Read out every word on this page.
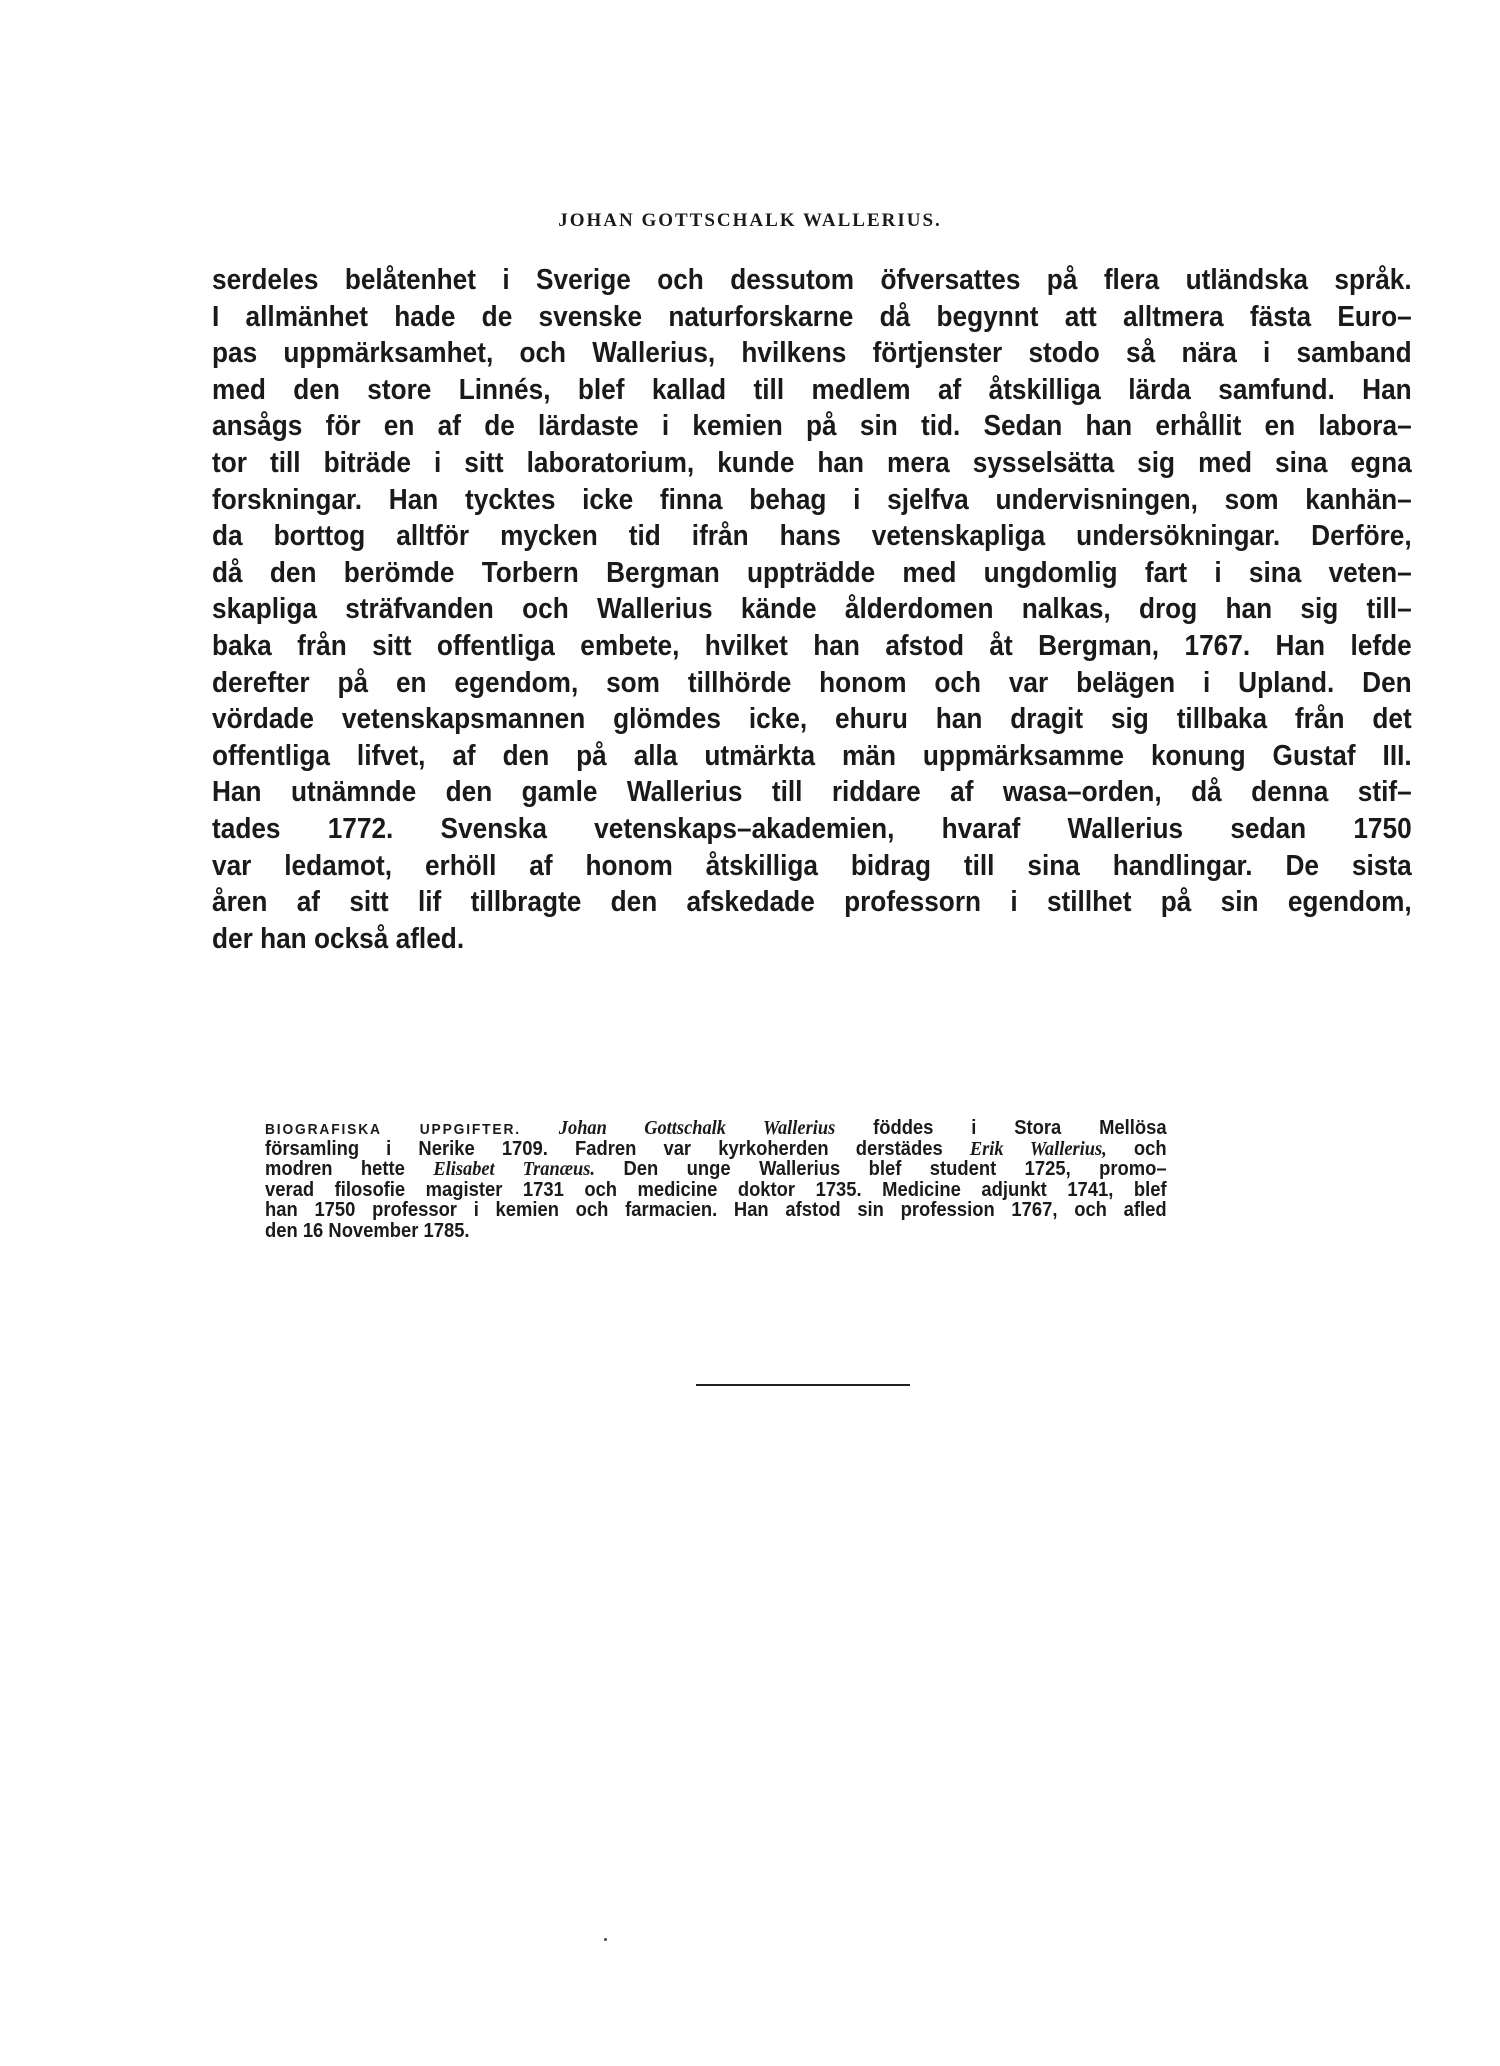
JOHAN GOTTSCHALK WALLERIUS.
serdeles belåtenhet i Sverige och dessutom öfversattes på flera utländska språk.
I allmänhet hade de svenske naturforskarne då begynnt att alltmera fästa Euro–
pas uppmärksamhet, och Wallerius, hvilkens förtjenster stodo så nära i samband
med den store Linnés, blef kallad till medlem af åtskilliga lärda samfund. Han
ansågs för en af de lärdaste i kemien på sin tid. Sedan han erhållit en labora–
tor till biträde i sitt laboratorium, kunde han mera sysselsätta sig med sina egna
forskningar. Han tycktes icke finna behag i sjelfva undervisningen, som kanhän–
da borttog alltför mycken tid ifrån hans vetenskapliga undersökningar. Derföre,
då den berömde Torbern Bergman uppträdde med ungdomlig fart i sina veten–
skapliga sträfvanden och Wallerius kände ålderdomen nalkas, drog han sig till–
baka från sitt offentliga embete, hvilket han afstod åt Bergman, 1767. Han lefde
derefter på en egendom, som tillhörde honom och var belägen i Upland. Den
vördade vetenskapsmannen glömdes icke, ehuru han dragit sig tillbaka från det
offentliga lifvet, af den på alla utmärkta män uppmärksamme konung Gustaf III.
Han utnämnde den gamle Wallerius till riddare af wasa–orden, då denna stif–
tades 1772. Svenska vetenskaps–akademien, hvaraf Wallerius sedan 1750
var ledamot, erhöll af honom åtskilliga bidrag till sina handlingar. De sista
åren af sitt lif tillbragte den afskedade professorn i stillhet på sin egendom,
der han också afled.
BIOGRAFISKA UPPGIFTER. Johan Gottschalk Wallerius föddes i Stora Mellösa
församling i Nerike 1709. Fadren var kyrkoherden derstädes Erik Wallerius, och
modren hette Elisabet Tranæus. Den unge Wallerius blef student 1725, promo–
verad filosofie magister 1731 och medicine doktor 1735. Medicine adjunkt 1741, blef
han 1750 professor i kemien och farmacien. Han afstod sin profession 1767, och afled
den 16 November 1785.
